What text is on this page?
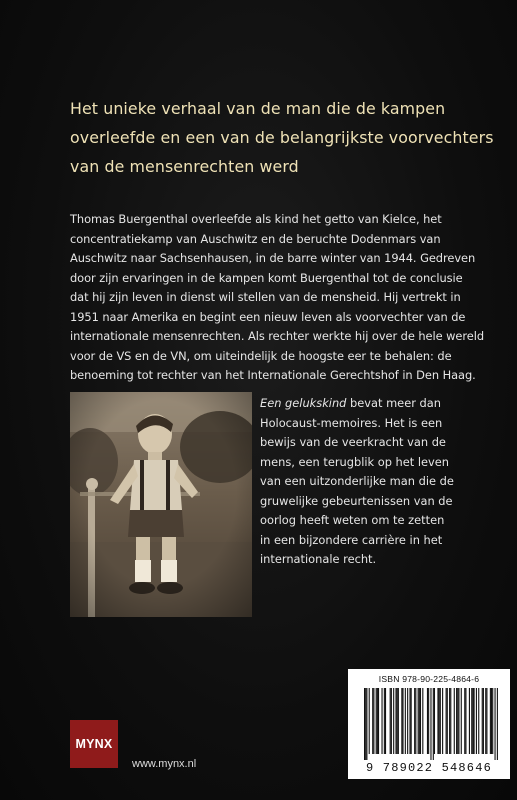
Het unieke verhaal van de man die de kampen
overleefde en een van de belangrijkste voorvechters
van de mensenrechten werd

Thomas Buergenthal overleefde als kind het getto van Kielce, het
concentratiekamp van Auschwitz en de beruchte Dodenmars van
Auschwitz naar Sachsenhausen, in de barre winter van 1944. Gedreven
door zijn ervaringen in de kampen komt Buergenthal tot de conclusie
dat hij zijn leven in dienst wil stellen van de mensheid. Hij vertrekt in
1951 naar Amerika en begint een nieuw leven als voorvechter van de
internationale mensenrechten. Als rechter werkte hij over de hele wereld
voor de VS en de VN, om uiteindelijk de hoogste eer te behalen: de
benoeming tot rechter van het Internationale Gerechtshof in Den Haag.

Een gelukskind bevat meer dan
Holocaust-memoires. Het is een
bewijs van de veerkracht van de
mens, een terugblik op het leven
van een uitzonderlijke man die de
gruwelijke gebeurtenissen van de
oorlog heeft weten om te zetten
in een bijzondere carrière in het
internationale recht.

ISBN 978-90-225-4864-6
9 789022 548646
MYNX
www.mynx.nl
